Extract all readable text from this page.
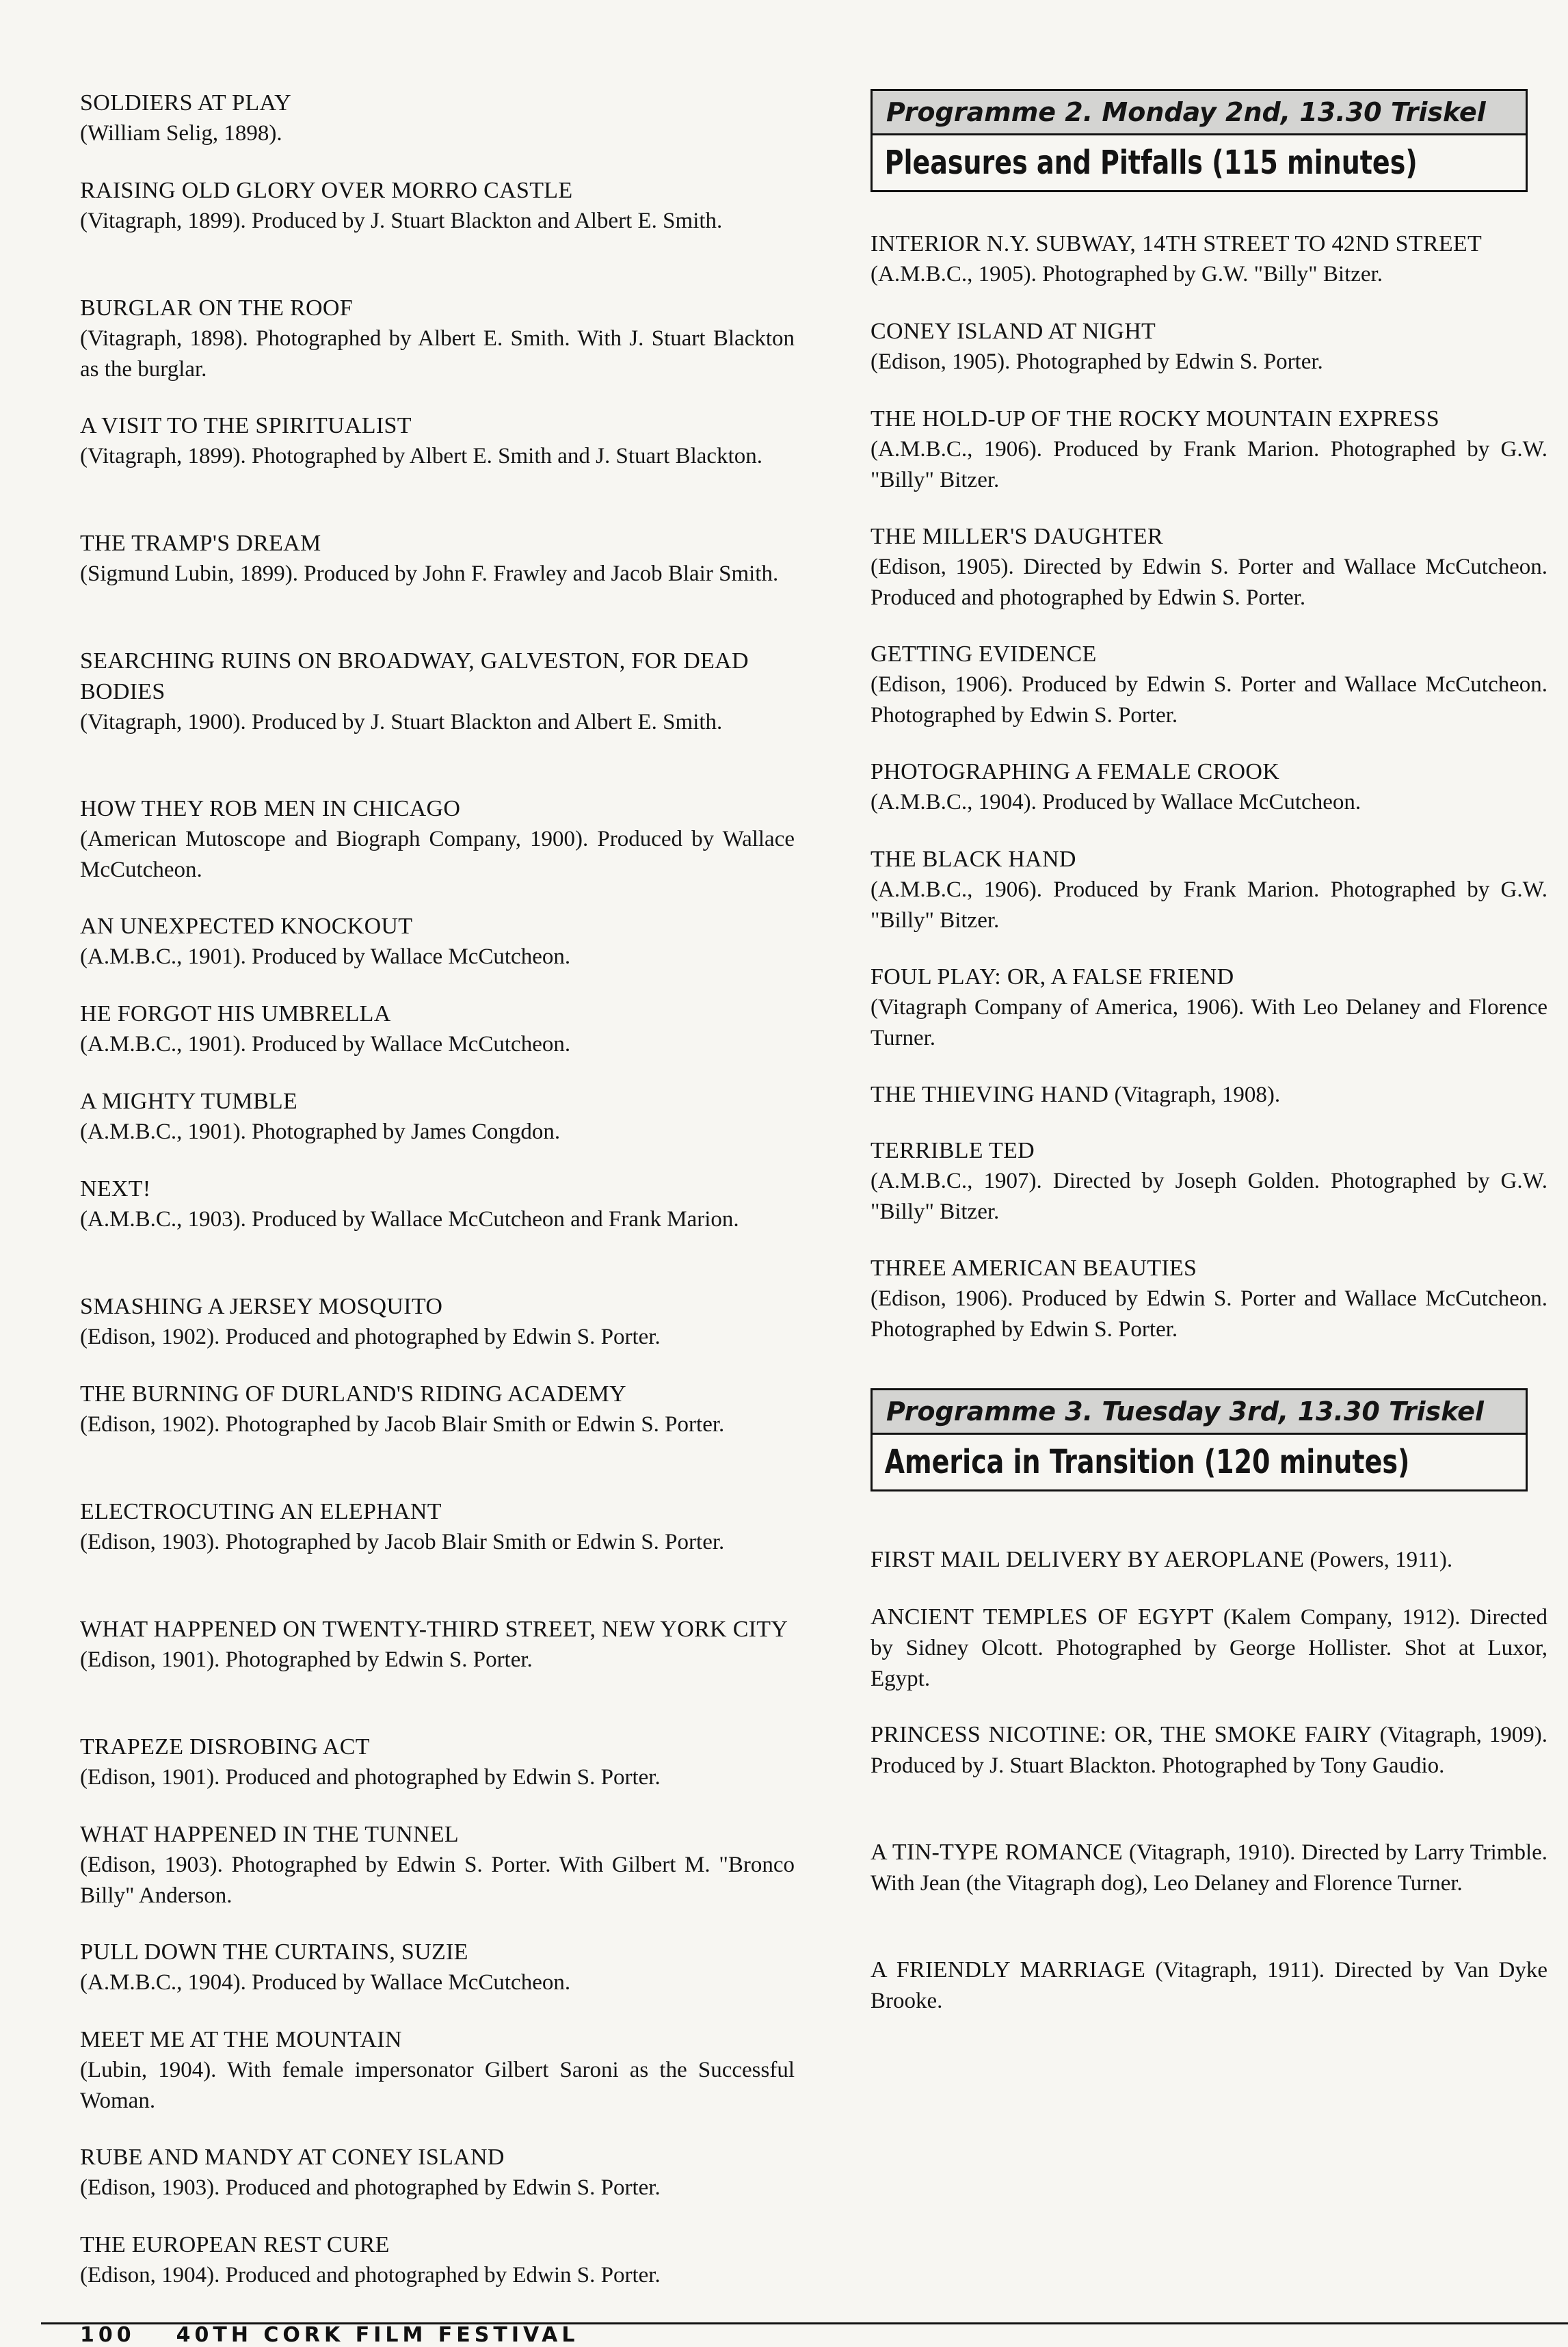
SOLDIERS AT PLAY
(William Selig, 1898).
RAISING OLD GLORY OVER MORRO CASTLE
(Vitagraph, 1899). Produced by J. Stuart Blackton and Albert E. Smith.
BURGLAR ON THE ROOF
(Vitagraph, 1898). Photographed by Albert E. Smith. With J. Stuart Blackton as the burglar.
A VISIT TO THE SPIRITUALIST
(Vitagraph, 1899). Photographed by Albert E. Smith and J. Stuart Blackton.
THE TRAMP'S DREAM
(Sigmund Lubin, 1899). Produced by John F. Frawley and Jacob Blair Smith.
SEARCHING RUINS ON BROADWAY, GALVESTON, FOR DEAD BODIES
(Vitagraph, 1900). Produced by J. Stuart Blackton and Albert E. Smith.
HOW THEY ROB MEN IN CHICAGO
(American Mutoscope and Biograph Company, 1900). Produced by Wallace McCutcheon.
AN UNEXPECTED KNOCKOUT
(A.M.B.C., 1901). Produced by Wallace McCutcheon.
HE FORGOT HIS UMBRELLA
(A.M.B.C., 1901). Produced by Wallace McCutcheon.
A MIGHTY TUMBLE
(A.M.B.C., 1901). Photographed by James Congdon.
NEXT!
(A.M.B.C., 1903). Produced by Wallace McCutcheon and Frank Marion.
SMASHING A JERSEY MOSQUITO
(Edison, 1902). Produced and photographed by Edwin S. Porter.
THE BURNING OF DURLAND'S RIDING ACADEMY
(Edison, 1902). Photographed by Jacob Blair Smith or Edwin S. Porter.
ELECTROCUTING AN ELEPHANT
(Edison, 1903). Photographed by Jacob Blair Smith or Edwin S. Porter.
WHAT HAPPENED ON TWENTY-THIRD STREET, NEW YORK CITY
(Edison, 1901). Photographed by Edwin S. Porter.
TRAPEZE DISROBING ACT
(Edison, 1901). Produced and photographed by Edwin S. Porter.
WHAT HAPPENED IN THE TUNNEL
(Edison, 1903). Photographed by Edwin S. Porter. With Gilbert M. "Bronco Billy" Anderson.
PULL DOWN THE CURTAINS, SUZIE
(A.M.B.C., 1904). Produced by Wallace McCutcheon.
MEET ME AT THE MOUNTAIN
(Lubin, 1904). With female impersonator Gilbert Saroni as the Successful Woman.
RUBE AND MANDY AT CONEY ISLAND
(Edison, 1903). Produced and photographed by Edwin S. Porter.
THE EUROPEAN REST CURE
(Edison, 1904). Produced and photographed by Edwin S. Porter.
Programme 2. Monday 2nd, 13.30 Triskel
Pleasures and Pitfalls (115 minutes)
INTERIOR N.Y. SUBWAY, 14TH STREET TO 42ND STREET
(A.M.B.C., 1905). Photographed by G.W. "Billy" Bitzer.
CONEY ISLAND AT NIGHT
(Edison, 1905). Photographed by Edwin S. Porter.
THE HOLD-UP OF THE ROCKY MOUNTAIN EXPRESS
(A.M.B.C., 1906). Produced by Frank Marion. Photographed by G.W. "Billy" Bitzer.
THE MILLER'S DAUGHTER
(Edison, 1905). Directed by Edwin S. Porter and Wallace McCutcheon. Produced and photographed by Edwin S. Porter.
GETTING EVIDENCE
(Edison, 1906). Produced by Edwin S. Porter and Wallace McCutcheon. Photographed by Edwin S. Porter.
PHOTOGRAPHING A FEMALE CROOK
(A.M.B.C., 1904). Produced by Wallace McCutcheon.
THE BLACK HAND
(A.M.B.C., 1906). Produced by Frank Marion. Photographed by G.W. "Billy" Bitzer.
FOUL PLAY: OR, A FALSE FRIEND
(Vitagraph Company of America, 1906). With Leo Delaney and Florence Turner.
THE THIEVING HAND (Vitagraph, 1908).
TERRIBLE TED
(A.M.B.C., 1907). Directed by Joseph Golden. Photographed by G.W. "Billy" Bitzer.
THREE AMERICAN BEAUTIES
(Edison, 1906). Produced by Edwin S. Porter and Wallace McCutcheon. Photographed by Edwin S. Porter.
Programme 3. Tuesday 3rd, 13.30 Triskel
America in Transition (120 minutes)
FIRST MAIL DELIVERY BY AEROPLANE (Powers, 1911).
ANCIENT TEMPLES OF EGYPT (Kalem Company, 1912). Directed by Sidney Olcott. Photographed by George Hollister. Shot at Luxor, Egypt.
PRINCESS NICOTINE: OR, THE SMOKE FAIRY (Vitagraph, 1909). Produced by J. Stuart Blackton. Photographed by Tony Gaudio.
A TIN-TYPE ROMANCE (Vitagraph, 1910). Directed by Larry Trimble. With Jean (the Vitagraph dog), Leo Delaney and Florence Turner.
A FRIENDLY MARRIAGE (Vitagraph, 1911). Directed by Van Dyke Brooke.
100 40TH CORK FILM FESTIVAL
